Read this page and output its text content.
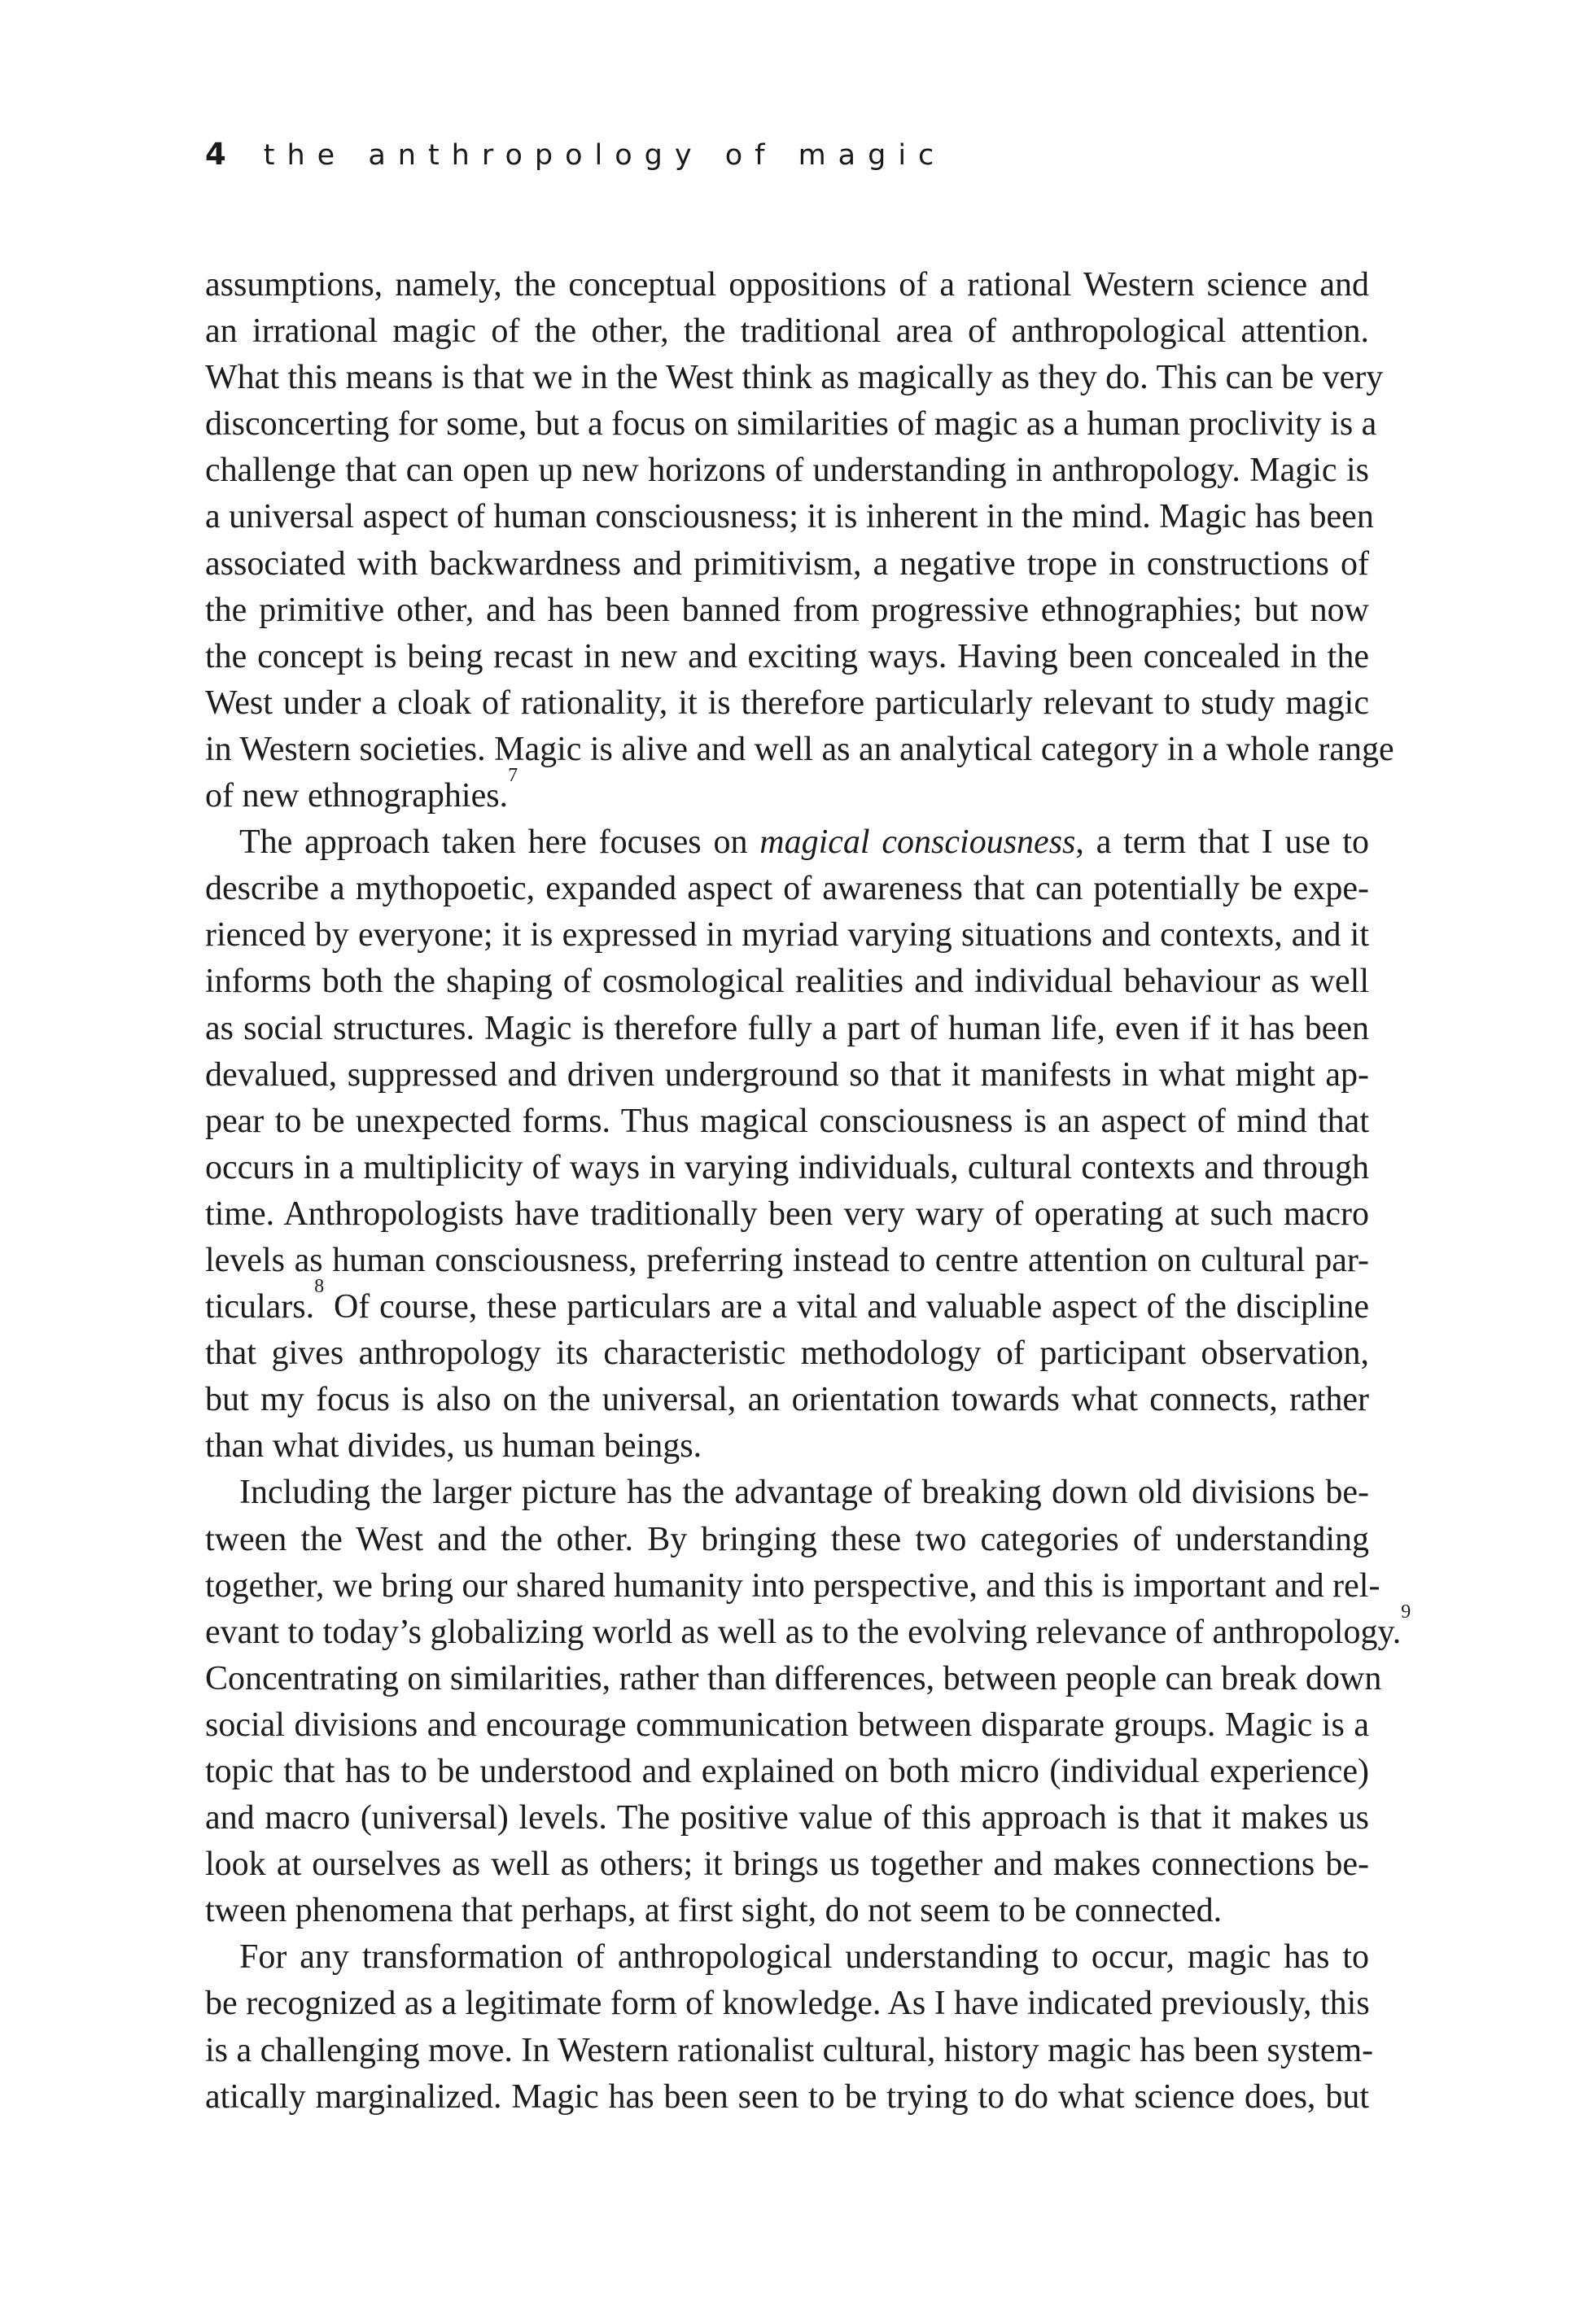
4 the anthropology of magic

assumptions, namely, the conceptual oppositions of a rational Western science and
an irrational magic of the other, the traditional area of anthropological attention.
What this means is that we in the West think as magically as they do. This can be very
disconcerting for some, but a focus on similarities of magic as a human proclivity is a
challenge that can open up new horizons of understanding in anthropology. Magic is
a universal aspect of human consciousness; it is inherent in the mind. Magic has been
associated with backwardness and primitivism, a negative trope in constructions of
the primitive other, and has been banned from progressive ethnographies; but now
the concept is being recast in new and exciting ways. Having been concealed in the
West under a cloak of rationality, it is therefore particularly relevant to study magic
in Western societies. Magic is alive and well as an analytical category in a whole range
of new ethnographies.$^7$

The approach taken here focuses on magical consciousness, a term that I use to
describe a mythopoetic, expanded aspect of awareness that can potentially be expe-
rienced by everyone; it is expressed in myriad varying situations and contexts, and it
informs both the shaping of cosmological realities and individual behaviour as well
as social structures. Magic is therefore fully a part of human life, even if it has been
devalued, suppressed and driven underground so that it manifests in what might ap-
pear to be unexpected forms. Thus magical consciousness is an aspect of mind that
occurs in a multiplicity of ways in varying individuals, cultural contexts and through
time. Anthropologists have traditionally been very wary of operating at such macro
levels as human consciousness, preferring instead to centre attention on cultural par-
ticulars.$^8$ Of course, these particulars are a vital and valuable aspect of the discipline
that gives anthropology its characteristic methodology of participant observation,
but my focus is also on the universal, an orientation towards what connects, rather
than what divides, us human beings.

Including the larger picture has the advantage of breaking down old divisions be-
tween the West and the other. By bringing these two categories of understanding
together, we bring our shared humanity into perspective, and this is important and rel-
evant to today’s globalizing world as well as to the evolving relevance of anthropology.$^9$
Concentrating on similarities, rather than differences, between people can break down
social divisions and encourage communication between disparate groups. Magic is a
topic that has to be understood and explained on both micro (individual experience)
and macro (universal) levels. The positive value of this approach is that it makes us
look at ourselves as well as others; it brings us together and makes connections be-
tween phenomena that perhaps, at first sight, do not seem to be connected.

For any transformation of anthropological understanding to occur, magic has to
be recognized as a legitimate form of knowledge. As I have indicated previously, this
is a challenging move. In Western rationalist cultural, history magic has been system-
atically marginalized. Magic has been seen to be trying to do what science does, but
